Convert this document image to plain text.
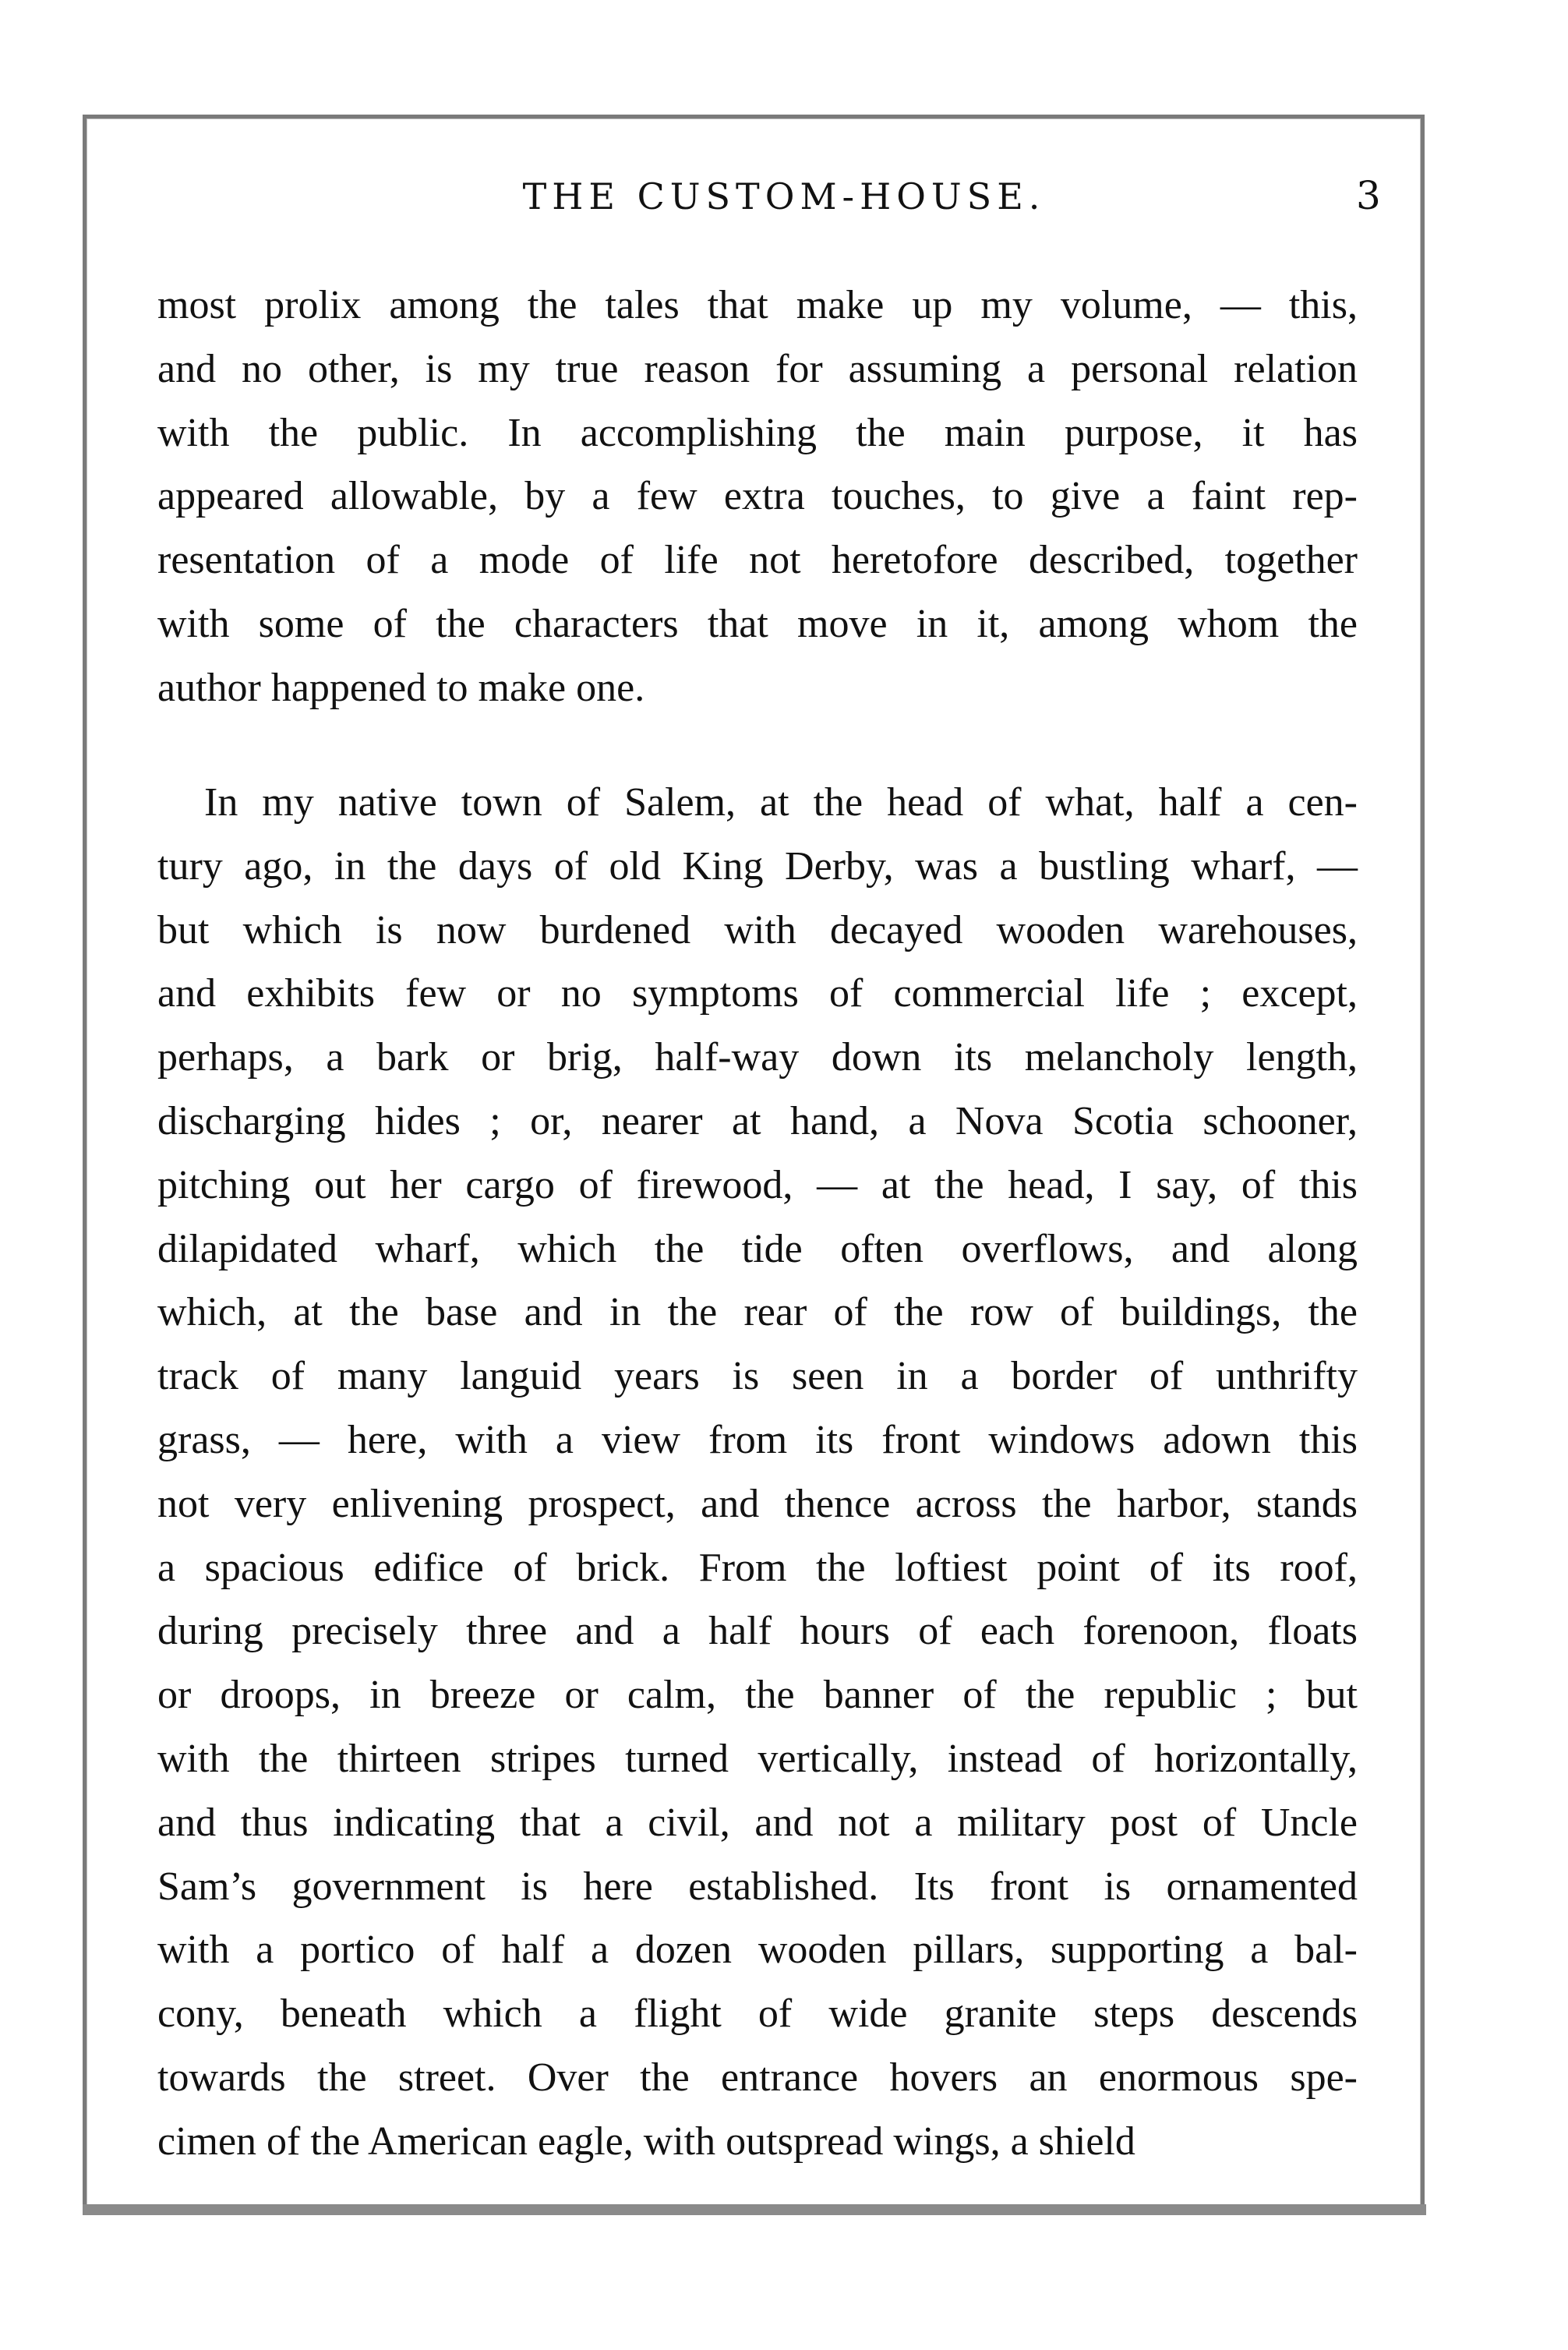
THE CUSTOM-HOUSE.	3
most prolix among the tales that make up my volume, — this,
and no other, is my true reason for assuming a personal relation
with the public. In accomplishing the main purpose, it has
appeared allowable, by a few extra touches, to give a faint rep-
resentation of a mode of life not heretofore described, together
with some of the characters that move in it, among whom the
author happened to make one.
In my native town of Salem, at the head of what, half a cen-
tury ago, in the days of old King Derby, was a bustling wharf, —
but which is now burdened with decayed wooden warehouses,
and exhibits few or no symptoms of commercial life ; except,
perhaps, a bark or brig, half-way down its melancholy length,
discharging hides ; or, nearer at hand, a Nova Scotia schooner,
pitching out her cargo of firewood, — at the head, I say, of this
dilapidated wharf, which the tide often overflows, and along
which, at the base and in the rear of the row of buildings, the
track of many languid years is seen in a border of unthrifty
grass, — here, with a view from its front windows adown this
not very enlivening prospect, and thence across the harbor, stands
a spacious edifice of brick. From the loftiest point of its roof,
during precisely three and a half hours of each forenoon, floats
or droops, in breeze or calm, the banner of the republic ; but
with the thirteen stripes turned vertically, instead of horizontally,
and thus indicating that a civil, and not a military post of Uncle
Sam’s government is here established. Its front is ornamented
with a portico of half a dozen wooden pillars, supporting a bal-
cony, beneath which a flight of wide granite steps descends
towards the street. Over the entrance hovers an enormous spe-
cimen of the American eagle, with outspread wings, a shield
